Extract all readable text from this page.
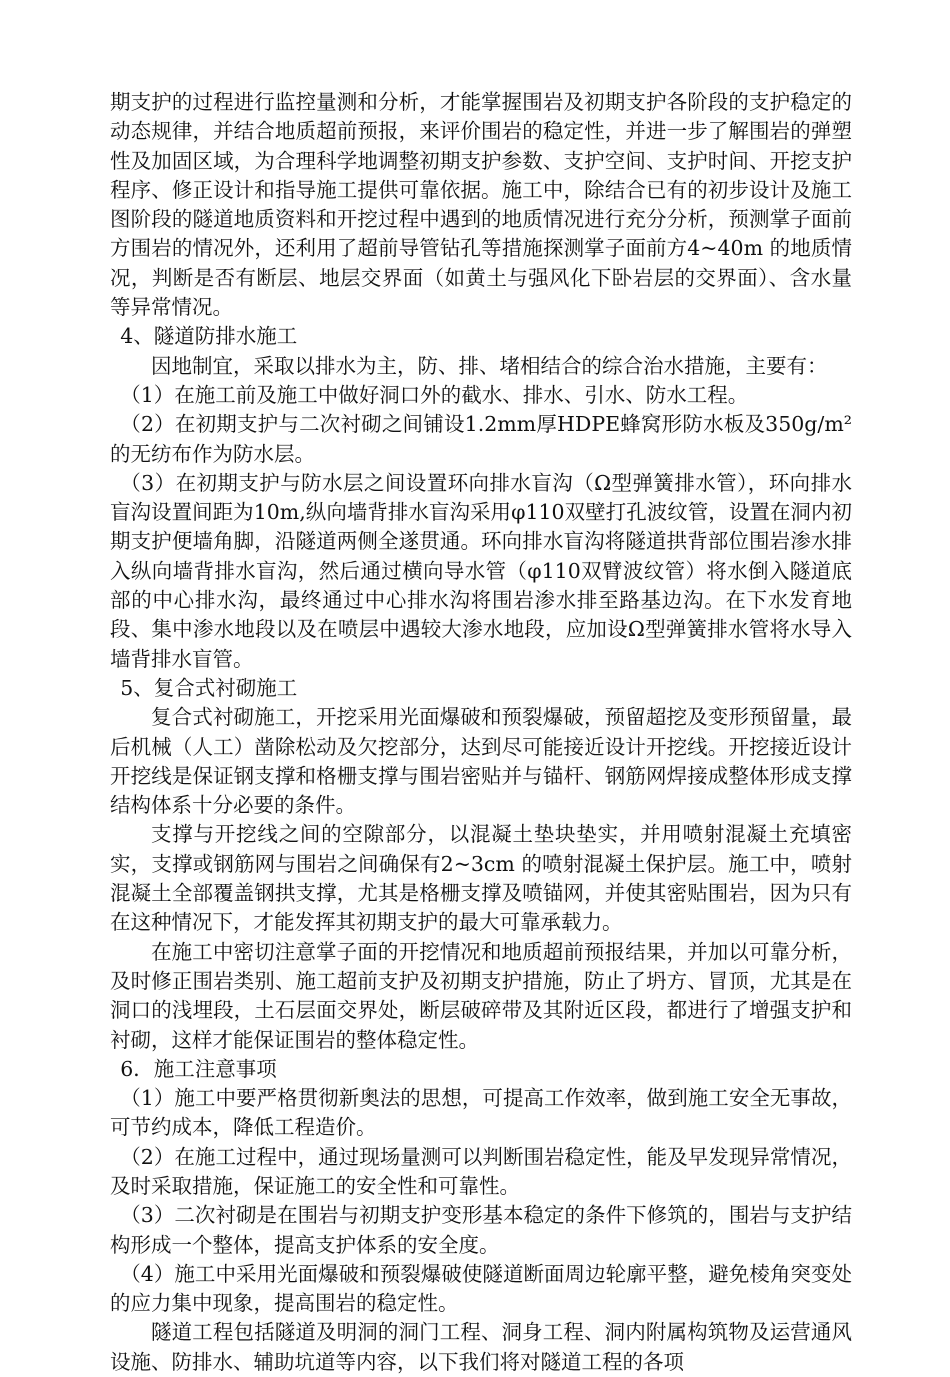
期支护的过程进行监控量测和分析，才能掌握围岩及初期支护各阶段的支护稳定的动态规律，并结合地质超前预报，来评价围岩的稳定性，并进一步了解围岩的弹塑性及加固区域，为合理科学地调整初期支护参数、支护空间、支护时间、开挖支护程序、修正设计和指导施工提供可靠依据。施工中，除结合已有的初步设计及施工图阶段的隧道地质资料和开挖过程中遇到的地质情况进行充分分析，预测掌子面前方围岩的情况外，还利用了超前导管钻孔等措施探测掌子面前方4~40m 的地质情况，判断是否有断层、地层交界面（如黄土与强风化下卧岩层的交界面）、含水量等异常情况。

4、隧道防排水施工

因地制宜，采取以排水为主，防、排、堵相结合的综合治水措施，主要有：

（1）在施工前及施工中做好洞口外的截水、排水、引水、防水工程。

（2）在初期支护与二次衬砌之间铺设1.2mm厚HDPE蜂窝形防水板及350g/m²的无纺布作为防水层。

（3）在初期支护与防水层之间设置环向排水盲沟（Ω型弹簧排水管），环向排水盲沟设置间距为10m,纵向墙背排水盲沟采用φ110双壁打孔波纹管，设置在洞内初期支护便墙角脚，沿隧道两侧全遂贯通。环向排水盲沟将隧道拱背部位围岩渗水排入纵向墙背排水盲沟，然后通过横向导水管（φ110双臂波纹管）将水倒入隧道底部的中心排水沟，最终通过中心排水沟将围岩渗水排至路基边沟。在下水发育地段、集中渗水地段以及在喷层中遇较大渗水地段，应加设Ω型弹簧排水管将水导入墙背排水盲管。

5、复合式衬砌施工

复合式衬砌施工，开挖采用光面爆破和预裂爆破，预留超挖及变形预留量，最后机械（人工）凿除松动及欠挖部分，达到尽可能接近设计开挖线。开挖接近设计开挖线是保证钢支撑和格栅支撑与围岩密贴并与锚杆、钢筋网焊接成整体形成支撑结构体系十分必要的条件。

支撑与开挖线之间的空隙部分，以混凝土垫块垫实，并用喷射混凝土充填密实，支撑或钢筋网与围岩之间确保有2~3cm 的喷射混凝土保护层。施工中，喷射混凝土全部覆盖钢拱支撑，尤其是格栅支撑及喷锚网，并使其密贴围岩，因为只有在这种情况下，才能发挥其初期支护的最大可靠承载力。

在施工中密切注意掌子面的开挖情况和地质超前预报结果，并加以可靠分析，及时修正围岩类别、施工超前支护及初期支护措施，防止了坍方、冒顶，尤其是在洞口的浅埋段，土石层面交界处，断层破碎带及其附近区段，都进行了增强支护和衬砌，这样才能保证围岩的整体稳定性。

6．施工注意事项

（1）施工中要严格贯彻新奥法的思想，可提高工作效率，做到施工安全无事故，可节约成本，降低工程造价。

（2）在施工过程中，通过现场量测可以判断围岩稳定性，能及早发现异常情况，及时采取措施，保证施工的安全性和可靠性。

（3）二次衬砌是在围岩与初期支护变形基本稳定的条件下修筑的，围岩与支护结构形成一个整体，提高支护体系的安全度。

（4）施工中采用光面爆破和预裂爆破使隧道断面周边轮廓平整，避免棱角突变处的应力集中现象，提高围岩的稳定性。

隧道工程包括隧道及明洞的洞门工程、洞身工程、洞内附属构筑物及运营通风设施、防排水、辅助坑道等内容，以下我们将对隧道工程的各项
